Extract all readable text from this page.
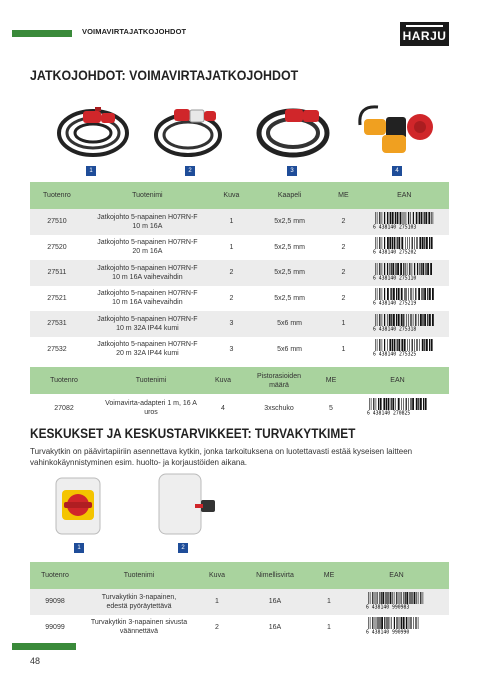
VOIMAVIRTAJATKOJOHDOT	HARJU
JATKOJOHDOT: VOIMAVIRTAJATKOJOHDOT
1	2	3	4
Tuotenro	Tuotenimi	Kuva	Kaapeli	ME	EAN
27510	Jatkojohto 5-napainen H07RN-F
10 m 16A	1	5x2,5 mm	2	6 438140 275103

27520	Jatkojohto 5-napainen H07RN-F
20 m 16A	1	5x2,5 mm	2	6 438140 275202

27511	Jatkojohto 5-napainen H07RN-F
10 m 16A vaihevaihdin	2	5x2,5 mm	2	6 438140 275110

27521	Jatkojohto 5-napainen H07RN-F
10 m 16A vaihevaihdin	2	5x2,5 mm	2	6 438140 275219

27531	Jatkojohto 5-napainen H07RN-F
10 m 32A IP44 kumi	3	5x6 mm	1	6 438140 275318

27532	Jatkojohto 5-napainen H07RN-F
20 m 32A IP44 kumi	3	5x6 mm	1	6 438140 275325
Tuotenro	Tuotenimi	Kuva	Pistorasioiden
määrä	ME	EAN
27082	Voimavirta-adapteri 1 m, 16 A
uros	4	3xschuko	5	6 438140 270825
KESKUKSET JA KESKUSTARVIKKEET: TURVAKYTKIMET
Turvakytkin on päävirtapiiriin asennettava kytkin, jonka tarkoituksena on luotettavasti estää kyseisen laitteen vahinkokäynnistyminen esim. huolto- ja korjaustöiden aikana.
1	2
Tuotenro	Tuotenimi	Kuva	Nimellisvirta	ME	EAN
99098	Turvakytkin 3-napainen,
edestä pyöräytettävä	1	16A	1	6 438140 990983

99099	Turvakytkin 3-napainen sivusta
väännettävä	2	16A	1	6 438140 990990
48
